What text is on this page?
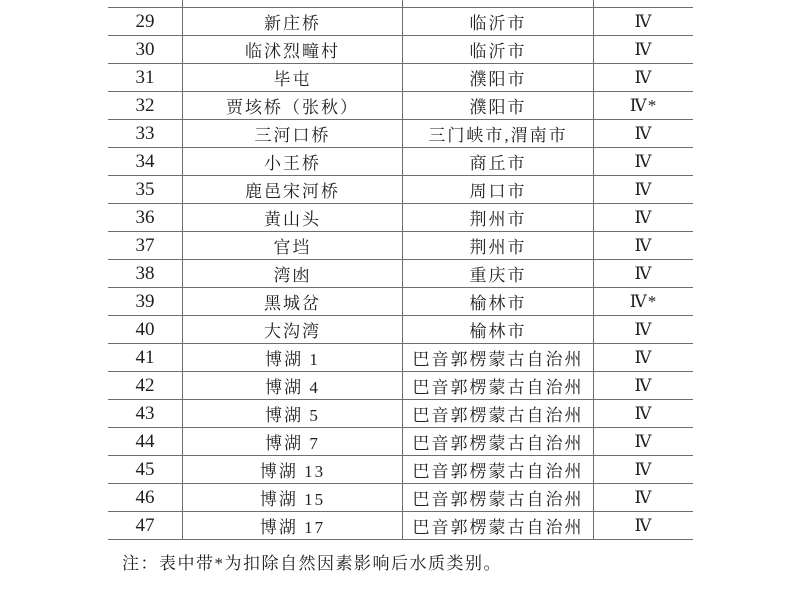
29	新庄桥	临沂市	Ⅳ
30	临沭烈疃村	临沂市	Ⅳ
31	毕屯	濮阳市	Ⅳ
32	贾垓桥（张秋）	濮阳市	Ⅳ*
33	三河口桥	三门峡市,渭南市	Ⅳ
34	小王桥	商丘市	Ⅳ
35	鹿邑宋河桥	周口市	Ⅳ
36	黄山头	荆州市	Ⅳ
37	官垱	荆州市	Ⅳ
38	湾凼	重庆市	Ⅳ
39	黑城岔	榆林市	Ⅳ*
40	大沟湾	榆林市	Ⅳ
41	博湖 1	巴音郭楞蒙古自治州	Ⅳ
42	博湖 4	巴音郭楞蒙古自治州	Ⅳ
43	博湖 5	巴音郭楞蒙古自治州	Ⅳ
44	博湖 7	巴音郭楞蒙古自治州	Ⅳ
45	博湖 13	巴音郭楞蒙古自治州	Ⅳ
46	博湖 15	巴音郭楞蒙古自治州	Ⅳ
47	博湖 17	巴音郭楞蒙古自治州	Ⅳ
注：表中带*为扣除自然因素影响后水质类别。
